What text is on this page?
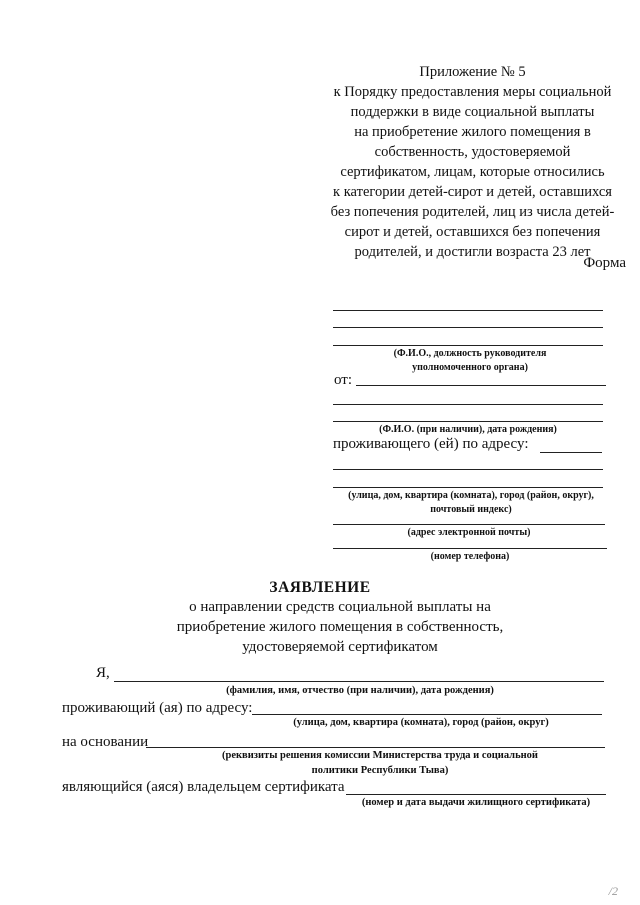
Приложение № 5
к Порядку предоставления меры социальной
поддержки в виде социальной выплаты
на приобретение жилого помещения в
собственность, удостоверяемой
сертификатом, лицам, которые относились
к категории детей-сирот и детей, оставшихся
без попечения родителей, лиц из числа детей-
сирот и детей, оставшихся без попечения
родителей, и достигли возраста 23 лет
Форма
(Ф.И.О., должность руководителя
уполномоченного органа)
от:
(Ф.И.О. (при наличии), дата рождения)
проживающего (ей) по адресу:
(улица, дом, квартира (комната), город (район, округ),
почтовый индекс)
(адрес электронной почты)
(номер телефона)
ЗАЯВЛЕНИЕ
о направлении средств социальной выплаты на
приобретение жилого помещения в собственность,
удостоверяемой сертификатом
Я,
(фамилия, имя, отчество (при наличии), дата рождения)
проживающий (ая) по адресу:
(улица, дом, квартира (комната), город (район, округ)
на основании
(реквизиты решения комиссии Министерства труда и социальной
политики Республики Тыва)
являющийся (аяся) владельцем сертификата
(номер и дата выдачи жилищного сертификата)
/2
